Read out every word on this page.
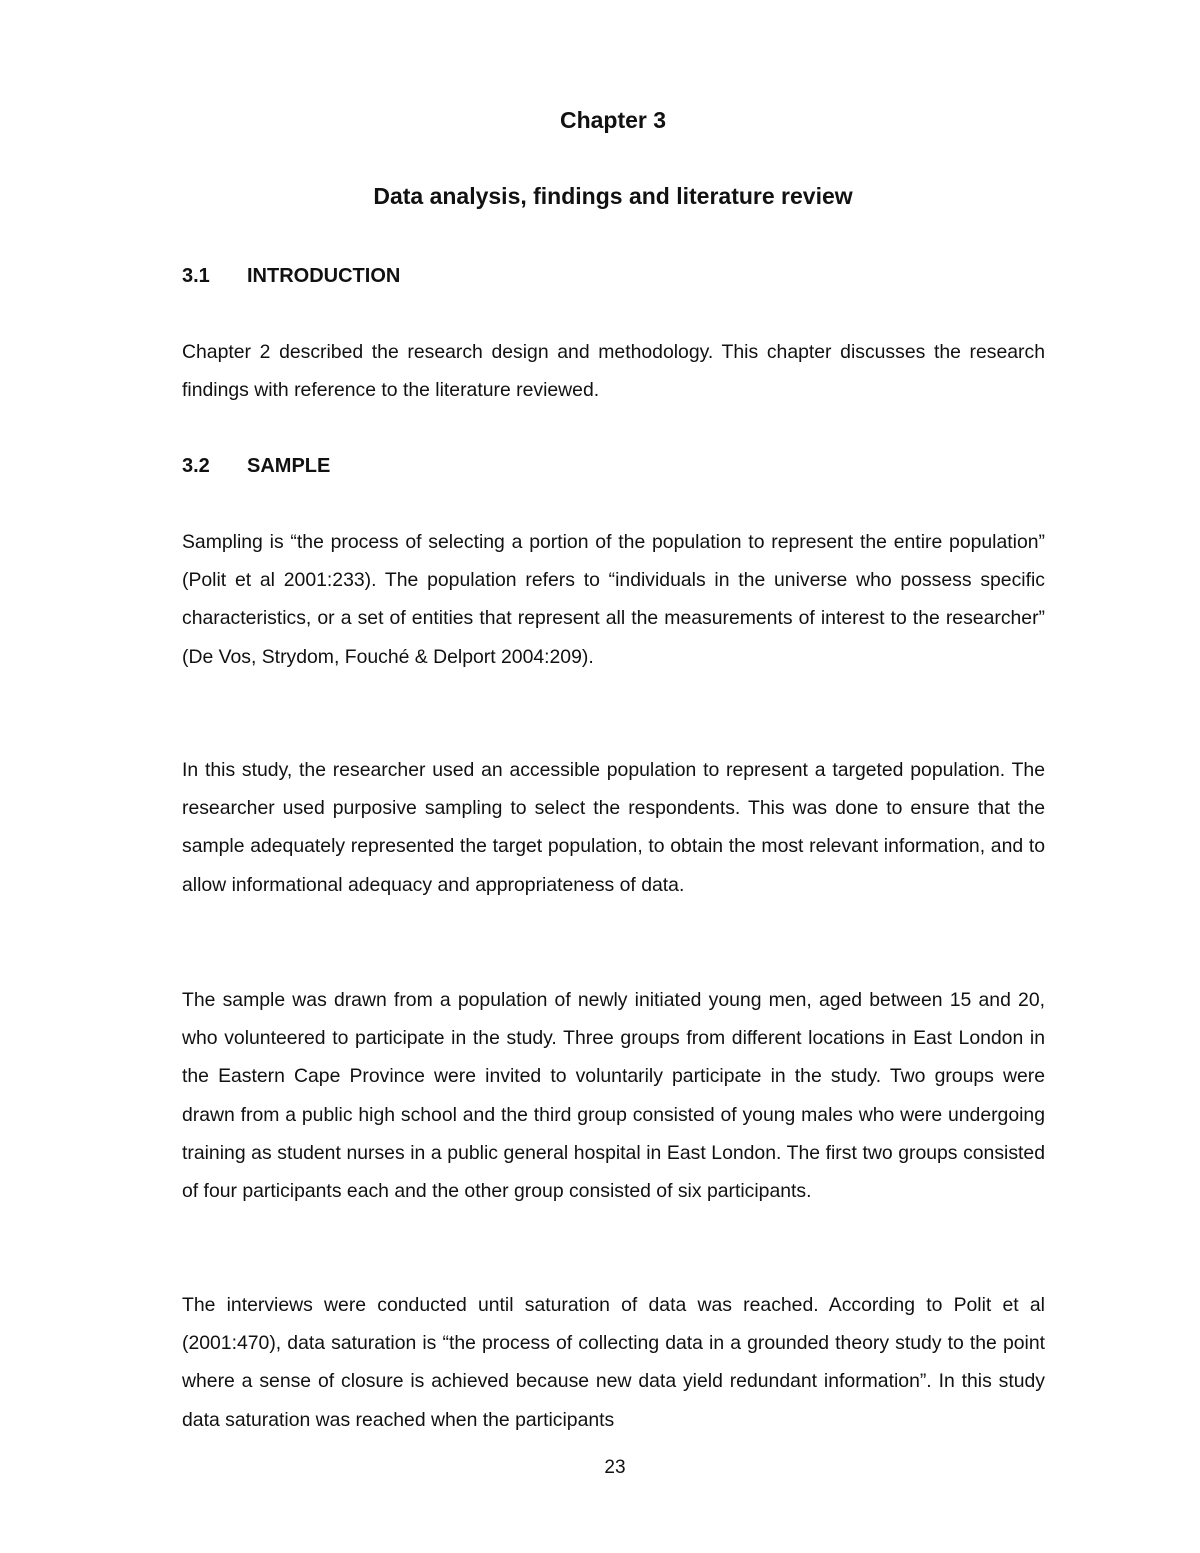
Chapter 3
Data analysis, findings and literature review
3.1 INTRODUCTION

Chapter 2 described the research design and methodology. This chapter discusses the research findings with reference to the literature reviewed.

3.2 SAMPLE

Sampling is “the process of selecting a portion of the population to represent the entire population” (Polit et al 2001:233). The population refers to “individuals in the universe who possess specific characteristics, or a set of entities that represent all the measurements of interest to the researcher” (De Vos, Strydom, Fouché & Delport 2004:209).

In this study, the researcher used an accessible population to represent a targeted population. The researcher used purposive sampling to select the respondents. This was done to ensure that the sample adequately represented the target population, to obtain the most relevant information, and to allow informational adequacy and appropriateness of data.

The sample was drawn from a population of newly initiated young men, aged between 15 and 20, who volunteered to participate in the study. Three groups from different locations in East London in the Eastern Cape Province were invited to voluntarily participate in the study. Two groups were drawn from a public high school and the third group consisted of young males who were undergoing training as student nurses in a public general hospital in East London. The first two groups consisted of four participants each and the other group consisted of six participants.

The interviews were conducted until saturation of data was reached. According to Polit et al (2001:470), data saturation is “the process of collecting data in a grounded theory study to the point where a sense of closure is achieved because new data yield redundant information”. In this study data saturation was reached when the participants

23
